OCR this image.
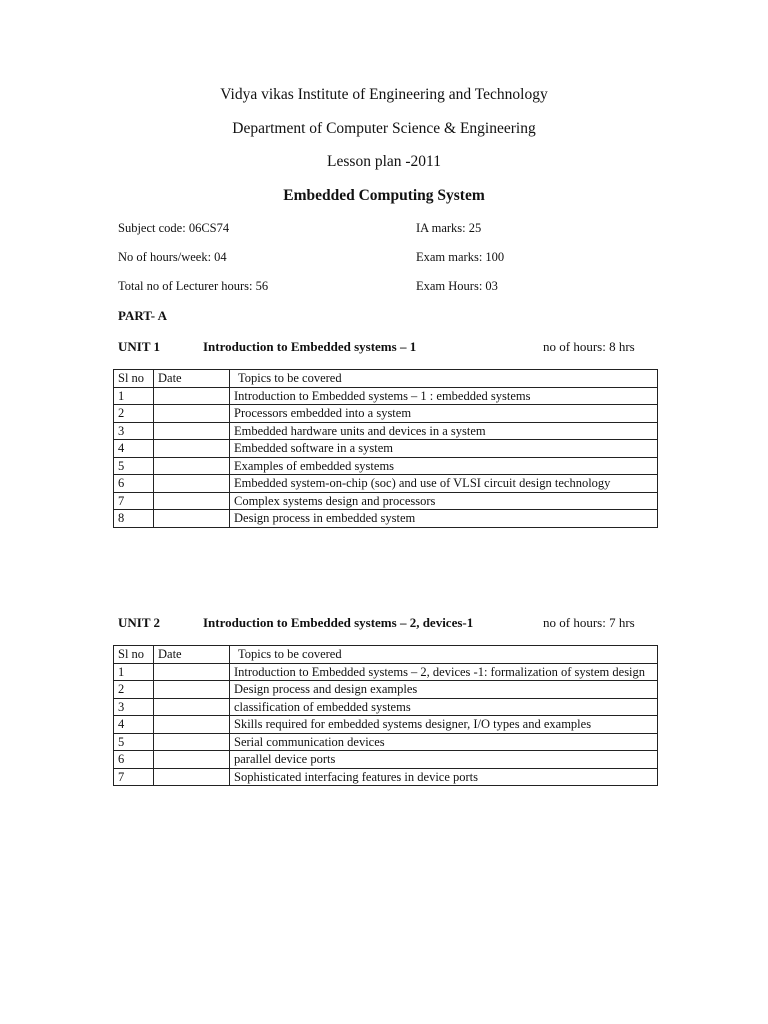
Vidya vikas Institute of Engineering and Technology
Department of Computer Science & Engineering
Lesson plan -2011
Embedded Computing System
Subject code: 06CS74	IA marks: 25
No of hours/week: 04	Exam marks: 100
Total no of Lecturer hours: 56	Exam Hours: 03
PART- A
UNIT 1	Introduction to Embedded systems – 1	no of hours: 8 hrs
Sl no	Date	Topics to be covered
1		Introduction to Embedded systems – 1 : embedded systems
2		Processors embedded into a system
3		Embedded hardware units and devices in a system
4		Embedded software in a system
5		Examples of embedded systems
6		Embedded system-on-chip (soc) and use of VLSI circuit design technology
7		Complex systems design and processors
8		Design process in embedded system
UNIT 2	Introduction to Embedded systems – 2, devices-1	no of hours: 7 hrs
Sl no	Date	Topics to be covered
1		Introduction to Embedded systems – 2, devices -1: formalization of system design
2		Design process and design examples
3		classification of embedded systems
4		Skills required for embedded systems designer, I/O types and examples
5		Serial communication devices
6		parallel device ports
7		Sophisticated interfacing features in device ports
